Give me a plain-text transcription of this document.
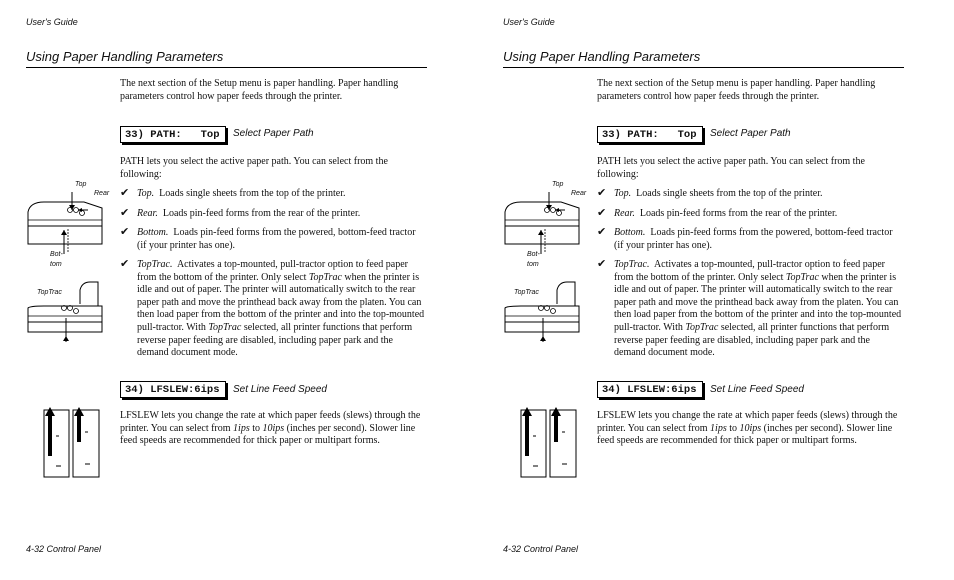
User's Guide
Using Paper Handling Parameters
The next section of the Setup menu is paper handling. Paper handling parameters control how paper feeds through the printer.
33) PATH:   Top	Select Paper Path
PATH lets you select the active paper path. You can select from the following:
✔ Top. Loads single sheets from the top of the printer.
✔ Rear. Loads pin-feed forms from the rear of the printer.
✔ Bottom. Loads pin-feed forms from the powered, bottom-feed tractor (if your printer has one).
✔ TopTrac. Activates a top-mounted, pull-tractor option to feed paper from the bottom of the printer. Only select TopTrac when the printer is idle and out of paper. The printer will automatically switch to the rear paper path and move the printhead back away from the platen. You can then load paper from the bottom of the printer and into the top-mounted pull-tractor. With TopTrac selected, all printer functions that perform reverse paper feeding are disabled, including paper park and the demand document mode.
Top
Rear
Bot-
tom
TopTrac
34) LFSLEW:6ips	Set Line Feed Speed
LFSLEW lets you change the rate at which paper feeds (slews) through the printer. You can select from 1ips to 10ips (inches per second). Slower line feed speeds are recommended for thick paper or multipart forms.
4-32 Control Panel
User's Guide
Using Paper Handling Parameters
The next section of the Setup menu is paper handling. Paper handling parameters control how paper feeds through the printer.
33) PATH:   Top	Select Paper Path
PATH lets you select the active paper path. You can select from the following:
✔ Top. Loads single sheets from the top of the printer.
✔ Rear. Loads pin-feed forms from the rear of the printer.
✔ Bottom. Loads pin-feed forms from the powered, bottom-feed tractor (if your printer has one).
✔ TopTrac. Activates a top-mounted, pull-tractor option to feed paper from the bottom of the printer. Only select TopTrac when the printer is idle and out of paper. The printer will automatically switch to the rear paper path and move the printhead back away from the platen. You can then load paper from the bottom of the printer and into the top-mounted pull-tractor. With TopTrac selected, all printer functions that perform reverse paper feeding are disabled, including paper park and the demand document mode.
Top
Rear
Bot-
tom
TopTrac
34) LFSLEW:6ips	Set Line Feed Speed
LFSLEW lets you change the rate at which paper feeds (slews) through the printer. You can select from 1ips to 10ips (inches per second). Slower line feed speeds are recommended for thick paper or multipart forms.
4-32 Control Panel
